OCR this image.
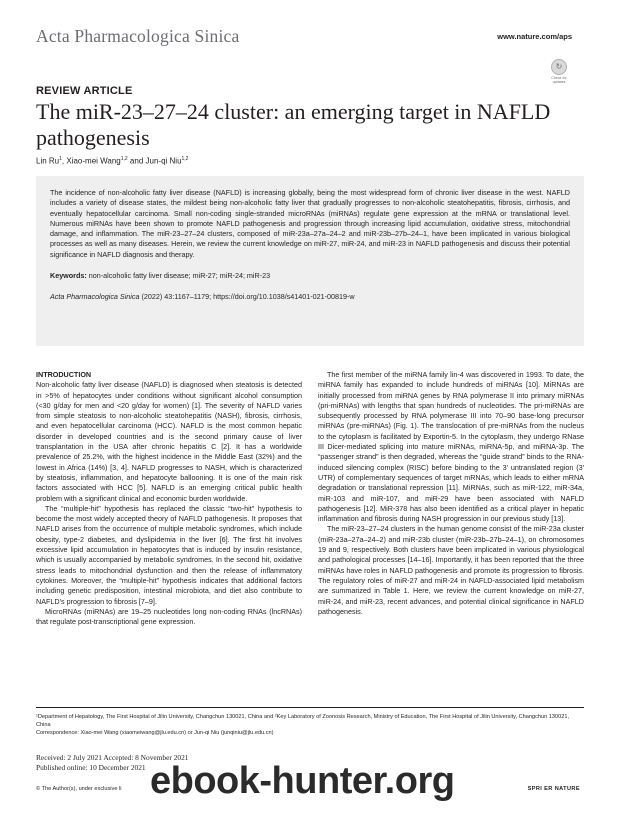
Acta Pharmacologica Sinica	www.nature.com/aps
↻
Check for updates
REVIEW ARTICLE
The miR-23–27–24 cluster: an emerging target in NAFLD pathogenesis
Lin Ru$^1$, Xiao-mei Wang$^{1,2}$ and Jun-qi Niu$^{1,2}$

The incidence of non-alcoholic fatty liver disease (NAFLD) is increasing globally, being the most widespread form of chronic liver disease in the west. NAFLD includes a variety of disease states, the mildest being non-alcoholic fatty liver that gradually progresses to non-alcoholic steatohepatitis, fibrosis, cirrhosis, and eventually hepatocellular carcinoma. Small non-coding single-stranded microRNAs (miRNAs) regulate gene expression at the mRNA or translational level. Numerous miRNAs have been shown to promote NAFLD pathogenesis and progression through increasing lipid accumulation, oxidative stress, mitochondrial damage, and inflammation. The miR-23–27–24 clusters, composed of miR-23a–27a–24–2 and miR-23b–27b–24–1, have been implicated in various biological processes as well as many diseases. Herein, we review the current knowledge on miR-27, miR-24, and miR-23 in NAFLD pathogenesis and discuss their potential significance in NAFLD diagnosis and therapy.

Keywords: non-alcoholic fatty liver disease; miR-27; miR-24; miR-23

Acta Pharmacologica Sinica (2022) 43:1167–1179; https://doi.org/10.1038/s41401-021-00819-w

INTRODUCTION

Non-alcoholic fatty liver disease (NAFLD) is diagnosed when steatosis is detected in >5% of hepatocytes under conditions without significant alcohol consumption (<30 g/day for men and <20 g/day for women) [1]. The severity of NAFLD varies from simple steatosis to non-alcoholic steatohepatitis (NASH), fibrosis, cirrhosis, and even hepatocellular carcinoma (HCC). NAFLD is the most common hepatic disorder in developed countries and is the second primary cause of liver transplantation in the USA after chronic hepatitis C [2]. It has a worldwide prevalence of 25.2%, with the highest incidence in the Middle East (32%) and the lowest in Africa (14%) [3, 4]. NAFLD progresses to NASH, which is characterized by steatosis, inflammation, and hepatocyte ballooning. It is one of the main risk factors associated with HCC [5]. NAFLD is an emerging critical public health problem with a significant clinical and economic burden worldwide.

The “multiple-hit” hypothesis has replaced the classic “two-hit” hypothesis to become the most widely accepted theory of NAFLD pathogenesis. It proposes that NAFLD arises from the occurrence of multiple metabolic syndromes, which include obesity, type-2 diabetes, and dyslipidemia in the liver [6]. The first hit involves excessive lipid accumulation in hepatocytes that is induced by insulin resistance, which is usually accompanied by metabolic syndromes. In the second hit, oxidative stress leads to mitochondrial dysfunction and then the release of inflammatory cytokines. Moreover, the “multiple-hit” hypothesis indicates that additional factors including genetic predisposition, intestinal microbiota, and diet also contribute to NAFLD’s progression to fibrosis [7–9].

MicroRNAs (miRNAs) are 19–25 nucleotides long non-coding RNAs (lncRNAs) that regulate post-transcriptional gene expression.

The first member of the miRNA family lin-4 was discovered in 1993. To date, the miRNA family has expanded to include hundreds of miRNAs [10]. MiRNAs are initially processed from miRNA genes by RNA polymerase II into primary miRNAs (pri-miRNAs) with lengths that span hundreds of nucleotides. The pri-miRNAs are subsequently processed by RNA polymerase III into 70–90 base-long precursor miRNAs (pre-miRNAs) (Fig. 1). The translocation of pre-miRNAs from the nucleus to the cytoplasm is facilitated by Exportin-5. In the cytoplasm, they undergo RNase III Dicer-mediated splicing into mature miRNAs, miRNA-5p, and miRNA-3p. The “passenger strand” is then degraded, whereas the “guide strand” binds to the RNA-induced silencing complex (RISC) before binding to the 3′ untranslated region (3′ UTR) of complementary sequences of target mRNAs, which leads to either mRNA degradation or translational repression [11]. MiRNAs, such as miR-122, miR-34a, miR-103 and miR-107, and miR-29 have been associated with NAFLD pathogenesis [12]. MiR-378 has also been identified as a critical player in hepatic inflammation and fibrosis during NASH progression in our previous study [13].

The miR-23–27–24 clusters in the human genome consist of the miR-23a cluster (miR-23a–27a–24–2) and miR-23b cluster (miR-23b–27b–24–1), on chromosomes 19 and 9, respectively. Both clusters have been implicated in various physiological and pathological processes [14–16]. Importantly, it has been reported that the three miRNAs have roles in NAFLD pathogenesis and promote its progression to fibrosis. The regulatory roles of miR-27 and miR-24 in NAFLD-associated lipid metabolism are summarized in Table 1. Here, we review the current knowledge on miR-27, miR-24, and miR-23, recent advances, and potential clinical significance in NAFLD pathogenesis.

¹Department of Hepatology, The First Hospital of Jilin University, Changchun 130021, China and ²Key Laboratory of Zoonosis Research, Ministry of Education, The First Hospital of Jilin University, Changchun 130021, China
Correspondence: Xiao-mei Wang (xiaomeiwang@jlu.edu.cn) or Jun-qi Niu (junqiniu@jlu.edu.cn)
Received: 2 July 2021 Accepted: 8 November 2021
Published online: 10 December 2021
© The Author(s), under exclusive li	SPRI ER NATURE
ebook-hunter.org
